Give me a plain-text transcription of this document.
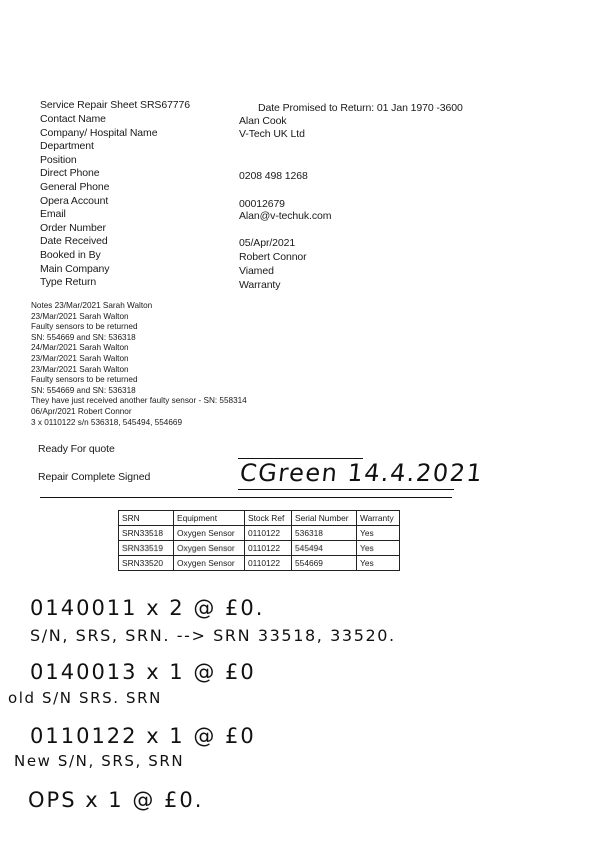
Service Repair Sheet SRS67776	Date Promised to Return: 01 Jan 1970 -3600
Contact Name	Alan Cook
Company/ Hospital Name	V-Tech UK Ltd
Department
Position
Direct Phone	0208 498 1268
General Phone
Opera Account	00012679
Email	Alan@v-techuk.com
Order Number
Date Received	05/Apr/2021
Booked in By	Robert Connor
Main Company	Viamed
Type Return	Warranty
Notes 23/Mar/2021 Sarah Walton
23/Mar/2021 Sarah Walton
Faulty sensors to be returned
SN: 554669 and SN: 536318
24/Mar/2021 Sarah Walton
23/Mar/2021 Sarah Walton
23/Mar/2021 Sarah Walton
Faulty sensors to be returned
SN: 554669 and SN: 536318
They have just received another faulty sensor - SN: 558314
06/Apr/2021 Robert Connor
3 x 0110122 s/n 536318, 545494, 554669
Ready For quote
Repair Complete Signed	CGreen 14.4.2021
SRN	Equipment	Stock Ref	Serial Number	Warranty
SRN33518	Oxygen Sensor	0110122	536318	Yes
SRN33519	Oxygen Sensor	0110122	545494	Yes
SRN33520	Oxygen Sensor	0110122	554669	Yes
0140011 x 2 @ £0.
S/N, SRS, SRN. --> SRN 33518, 33520.
0140013 x 1 @ £0
old S/N SRS. SRN
0110122 x 1 @ £0
New S/N, SRS, SRN
OPS x 1 @ £0.
